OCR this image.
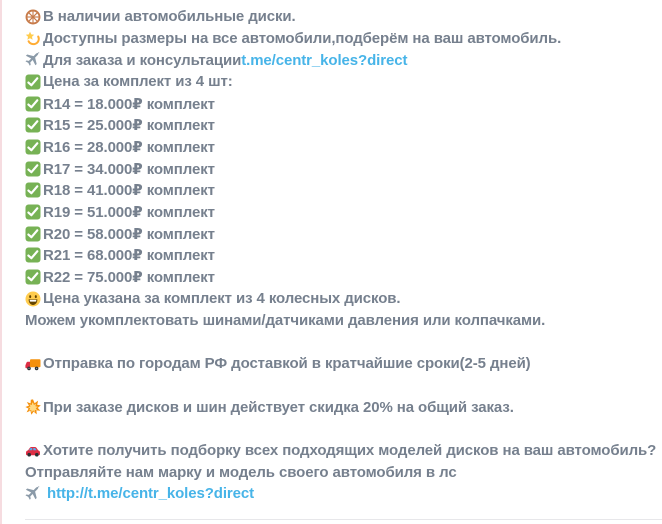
В наличии автомобильные диски.
Доступны размеры на все автомобили,подберём на ваш автомобиль.
Для заказа и консультации t.me/centr_koles?direct
Цена за комплект из 4 шт:
R14 = 18.000₽ комплект
R15 = 25.000₽ комплект
R16 = 28.000₽ комплект
R17 = 34.000₽ комплект
R18 = 41.000₽ комплект
R19 = 51.000₽ комплект
R20 = 58.000₽ комплект
R21 = 68.000₽ комплект
R22 = 75.000₽ комплект
Цена указана за комплект из 4 колесных дисков.
Можем укомплектовать шинами/датчиками давления или колпачками.
Отправка по городам РФ доставкой в кратчайшие сроки(2-5 дней)
При заказе дисков и шин действует скидка 20% на общий заказ.
Хотите получить подборку всех подходящих моделей дисков на ваш автомобиль?
Отправляйте нам марку и модель своего автомобиля в лс
http://t.me/centr_koles?direct
